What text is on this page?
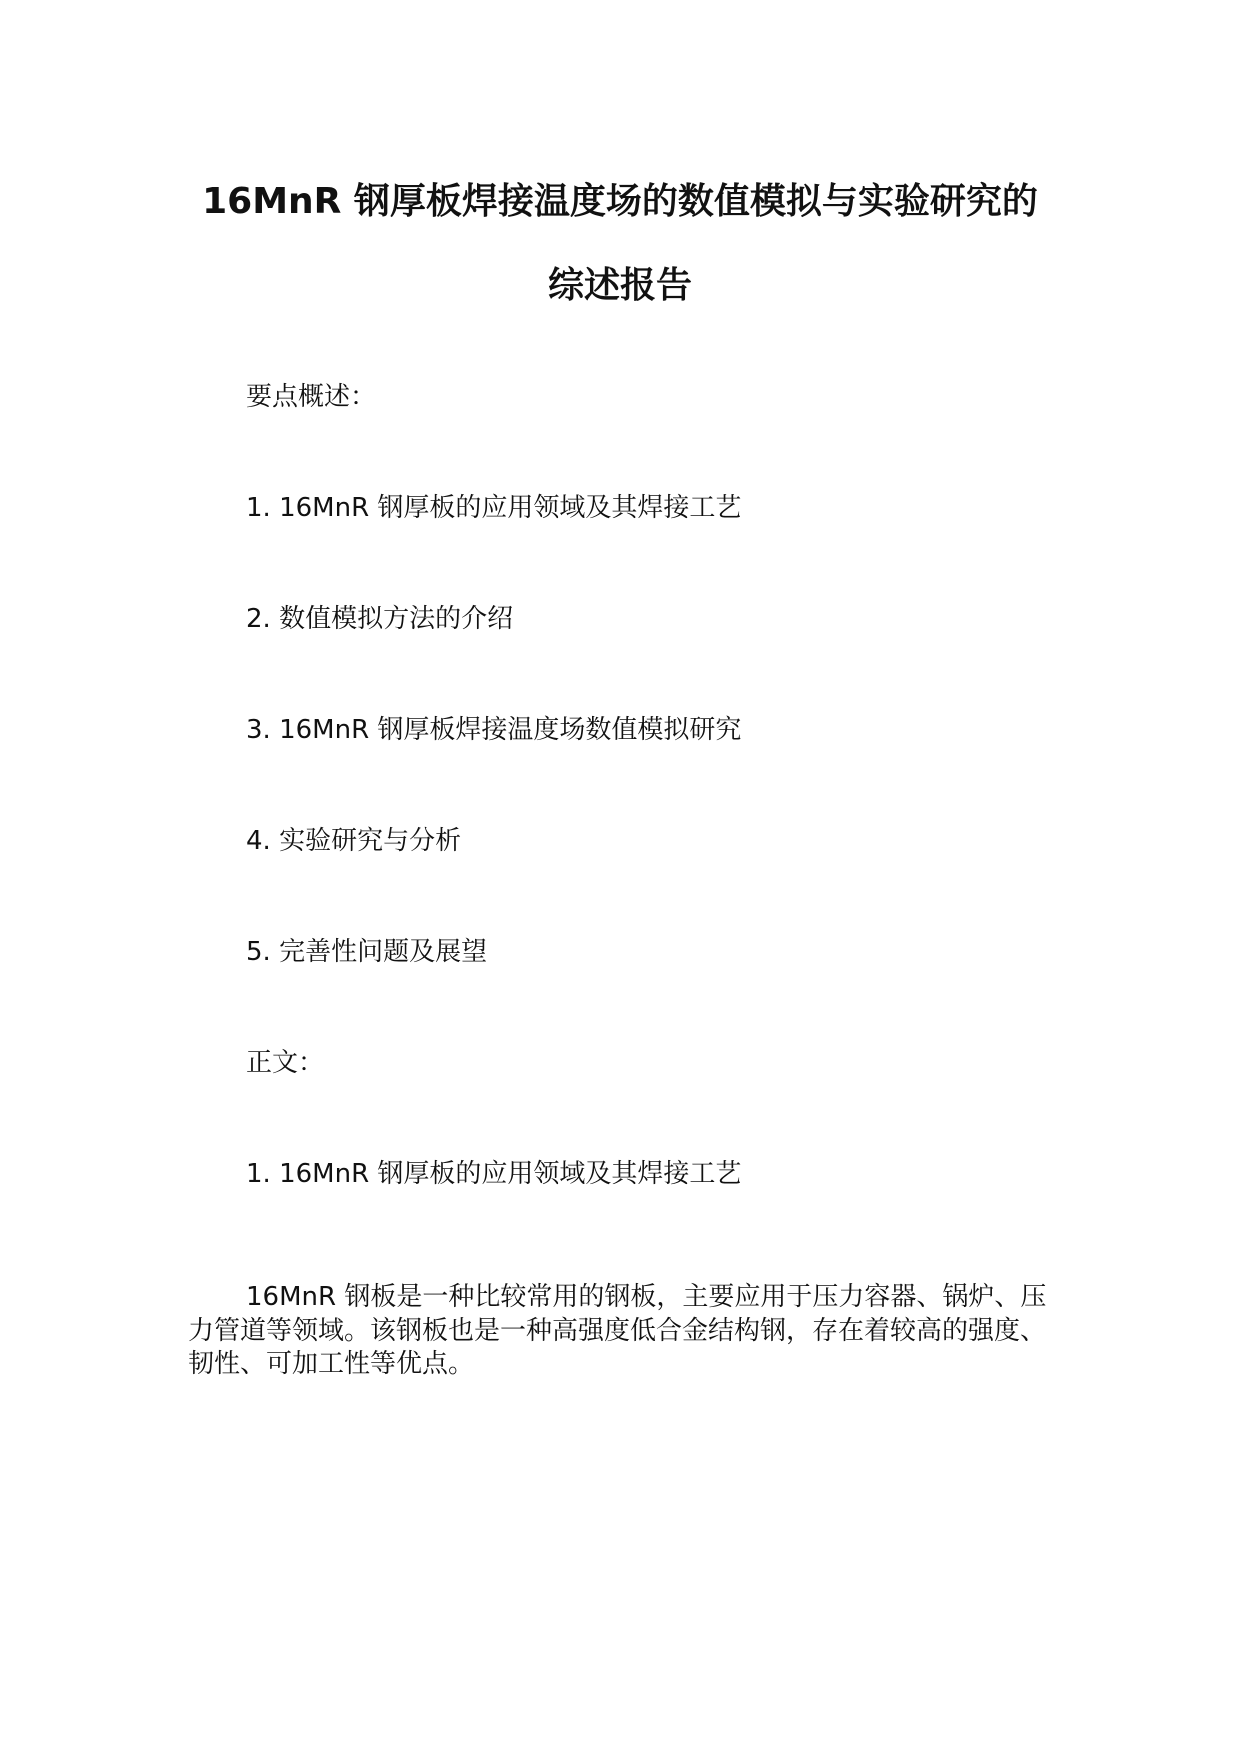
16MnR 钢厚板焊接温度场的数值模拟与实验研究的
综述报告
要点概述：
1. 16MnR 钢厚板的应用领域及其焊接工艺
2. 数值模拟方法的介绍
3. 16MnR 钢厚板焊接温度场数值模拟研究
4. 实验研究与分析
5. 完善性问题及展望
正文：
1. 16MnR 钢厚板的应用领域及其焊接工艺
16MnR 钢板是一种比较常用的钢板，主要应用于压力容器、锅炉、压力管道等领域。该钢板也是一种高强度低合金结构钢，存在着较高的强度、韧性、可加工性等优点。
